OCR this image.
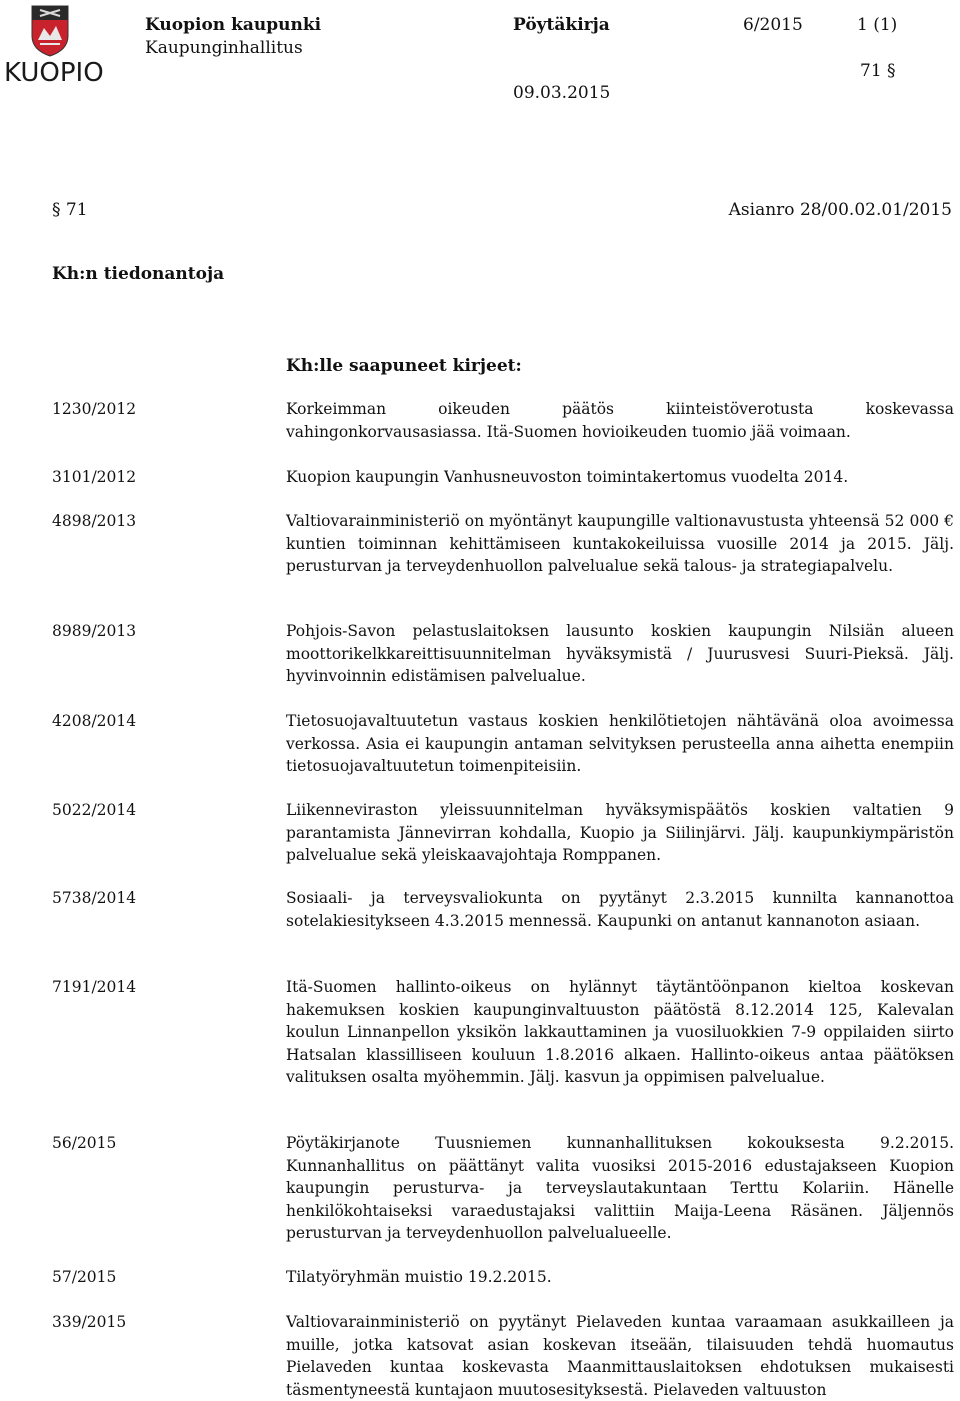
KUOPIO
Kuopion kaupunki
Kaupunginhallitus
Pöytäkirja	6/2015	1 (1)
71 §
09.03.2015
§ 71	Asianro 28/00.02.01/2015
Kh:n tiedonantoja
Kh:lle saapuneet kirjeet:
1230/2012	Korkeimman oikeuden päätös kiinteistöverotusta koskevassa vahingonkorvausasiassa. Itä-Suomen hovioikeuden tuomio jää voimaan.
3101/2012	Kuopion kaupungin Vanhusneuvoston toimintakertomus vuodelta 2014.
4898/2013	Valtiovarainministeriö on myöntänyt kaupungille valtionavustusta yhteensä 52 000 € kuntien toiminnan kehittämiseen kuntakokeiluissa vuosille 2014 ja 2015. Jälj. perusturvan ja terveydenhuollon palvelualue sekä talous- ja strategiapalvelu.
8989/2013	Pohjois-Savon pelastuslaitoksen lausunto koskien kaupungin Nilsiän alueen moottorikelkkareittisuunnitelman hyväksymistä / Juurusvesi Suuri-Pieksä. Jälj. hyvinvoinnin edistämisen palvelualue.
4208/2014	Tietosuojavaltuutetun vastaus koskien henkilötietojen nähtävänä oloa avoimessa verkossa. Asia ei kaupungin antaman selvityksen perusteella anna aihetta enempiin tietosuojavaltuutetun toimenpiteisiin.
5022/2014	Liikenneviraston yleissuunnitelman hyväksymispäätös koskien valtatien 9 parantamista Jännevirran kohdalla, Kuopio ja Siilinjärvi. Jälj. kaupunkiympäristön palvelualue sekä yleiskaavajohtaja Romppanen.
5738/2014	Sosiaali- ja terveysvaliokunta on pyytänyt 2.3.2015 kunnilta kannanottoa sotelakiesitykseen 4.3.2015 mennessä. Kaupunki on antanut kannanoton asiaan.
7191/2014	Itä-Suomen hallinto-oikeus on hylännyt täytäntöönpanon kieltoa koskevan hakemuksen koskien kaupunginvaltuuston päätöstä 8.12.2014 125, Kalevalan koulun Linnanpellon yksikön lakkauttaminen ja vuosiluokkien 7-9 oppilaiden siirto Hatsalan klassilliseen kouluun 1.8.2016 alkaen. Hallinto-oikeus antaa päätöksen valituksen osalta myöhemmin. Jälj. kasvun ja oppimisen palvelualue.
56/2015	Pöytäkirjanote Tuusniemen kunnanhallituksen kokouksesta 9.2.2015. Kunnanhallitus on päättänyt valita vuosiksi 2015-2016 edustajakseen Kuopion kaupungin perusturva- ja terveyslautakuntaan Terttu Kolariin. Hänelle henkilökohtaiseksi varaedustajaksi valittiin Maija-Leena Räsänen. Jäljennös perusturvan ja terveydenhuollon palvelualueelle.
57/2015	Tilatyöryhmän muistio 19.2.2015.
339/2015	Valtiovarainministeriö on pyytänyt Pielaveden kuntaa varaamaan asukkailleen ja muille, jotka katsovat asian koskevan itseään, tilaisuuden tehdä huomautus Pielaveden kuntaa koskevasta Maanmittauslaitoksen ehdotuksen mukaisesti täsmentyneestä kuntajaon muutosesityksestä. Pielaveden valtuuston
